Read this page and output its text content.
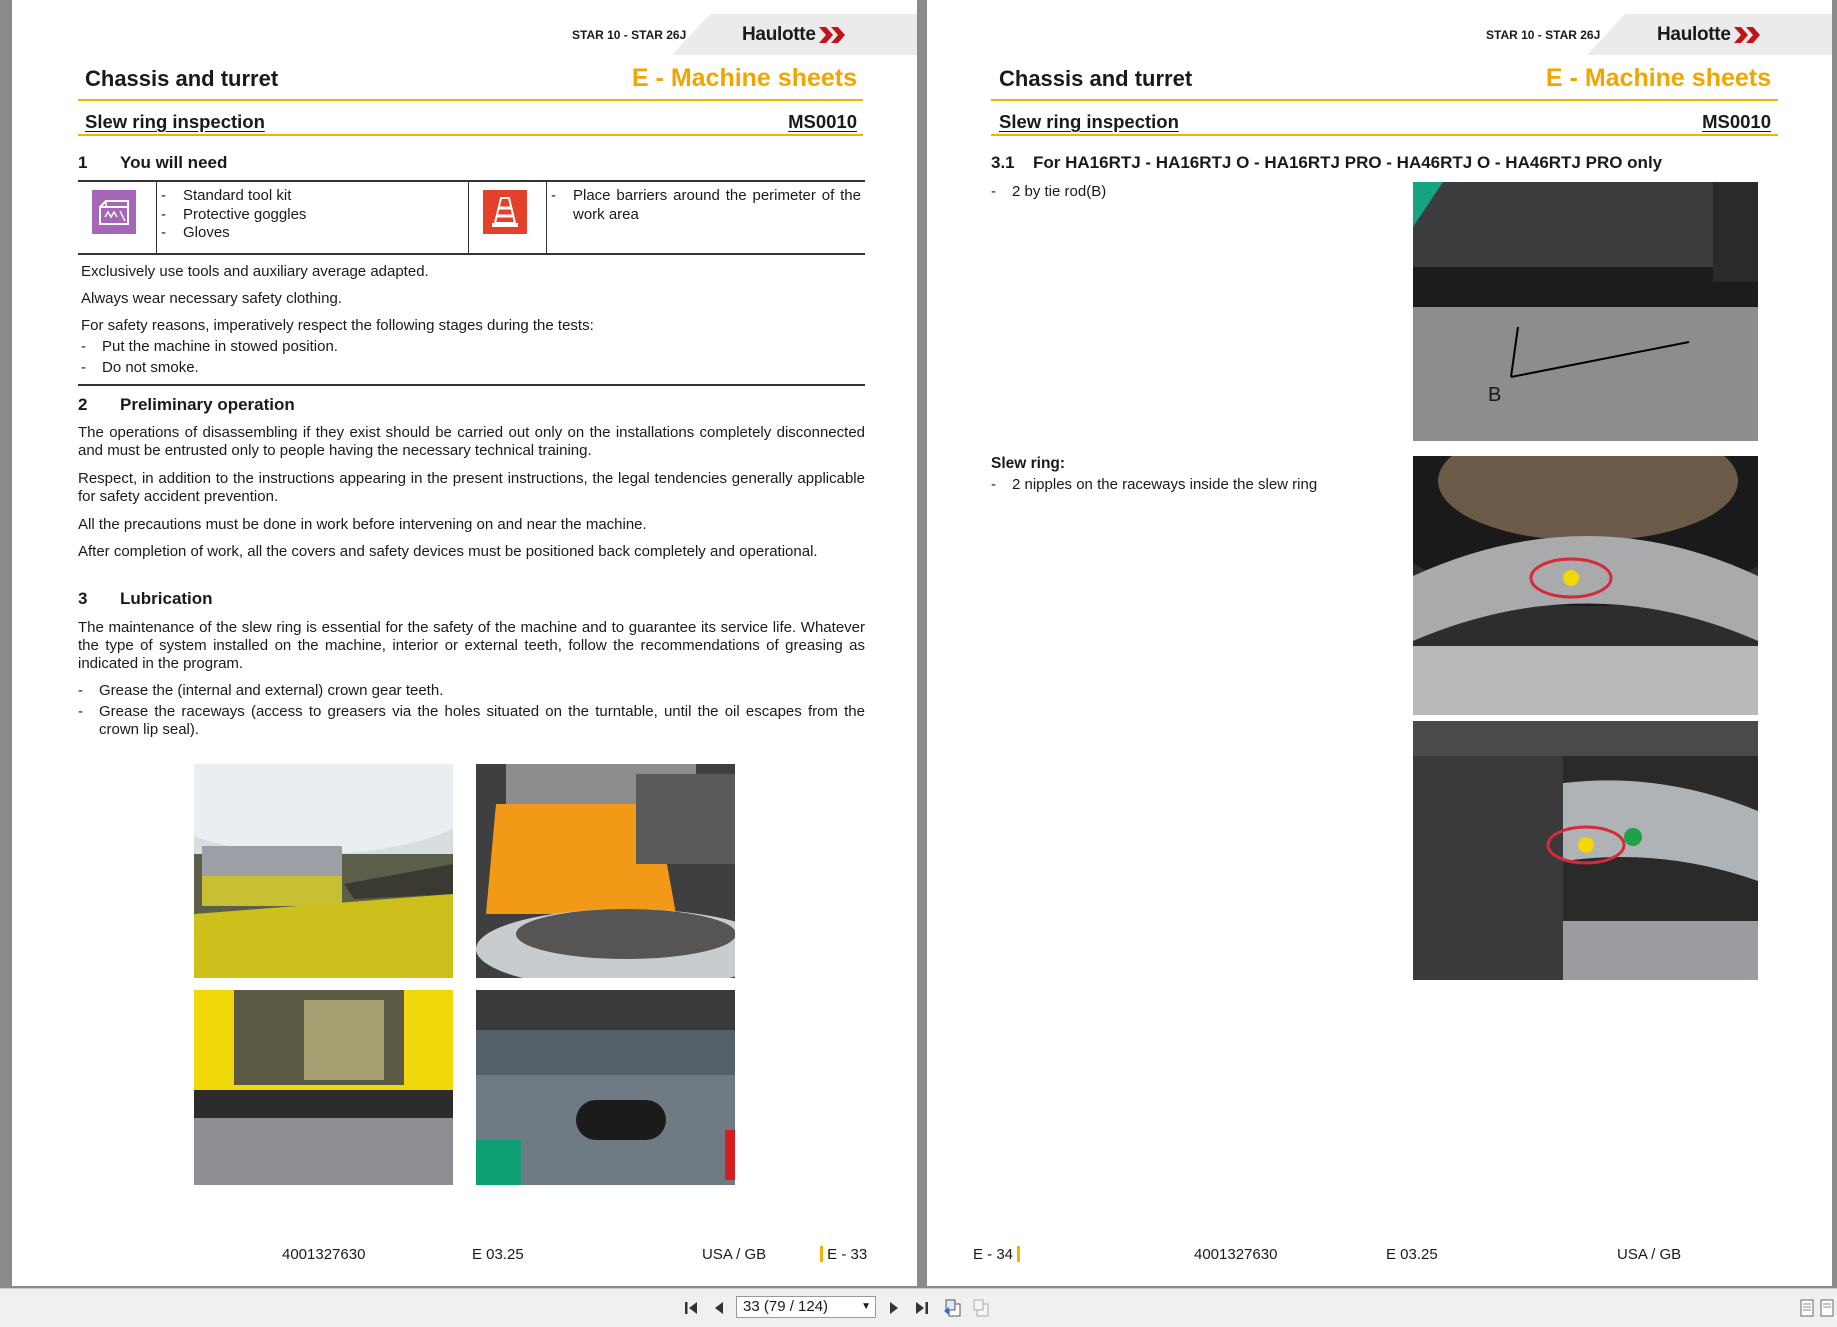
STAR 10 - STAR 26J	Haulotte
Chassis and turret	E - Machine sheets
Slew ring inspection	MS0010
1 You will need

- Standard tool kit
- Protective goggles
- Gloves

- Place barriers around the perimeter of the work area
Exclusively use tools and auxiliary average adapted.
Always wear necessary safety clothing.
For safety reasons, imperatively respect the following stages during the tests:
- Put the machine in stowed position.
- Do not smoke.
2 Preliminary operation
The operations of disassembling if they exist should be carried out only on the installations completely disconnected and must be entrusted only to people having the necessary technical training.
Respect, in addition to the instructions appearing in the present instructions, the legal tendencies generally applicable for safety accident prevention.
All the precautions must be done in work before intervening on and near the machine.
After completion of work, all the covers and safety devices must be positioned back completely and operational.
3 Lubrication
The maintenance of the slew ring is essential for the safety of the machine and to guarantee its service life. Whatever the type of system installed on the machine, interior or external teeth, follow the recommendations of greasing as indicated in the program.
- Grease the (internal and external) crown gear teeth.
- Grease the raceways (access to greasers via the holes situated on the turntable, until the oil escapes from the crown lip seal).
4001327630	E 03.25	USA / GB	E - 33
STAR 10 - STAR 26J	Haulotte
Chassis and turret	E - Machine sheets
Slew ring inspection	MS0010
3.1 For HA16RTJ - HA16RTJ O - HA16RTJ PRO - HA46RTJ O - HA46RTJ PRO only
- 2 by tie rod(B)
B
Slew ring:
- 2 nipples on the raceways inside the slew ring
E - 34	4001327630	E 03.25	USA / GB
33 (79 / 124)	▼
